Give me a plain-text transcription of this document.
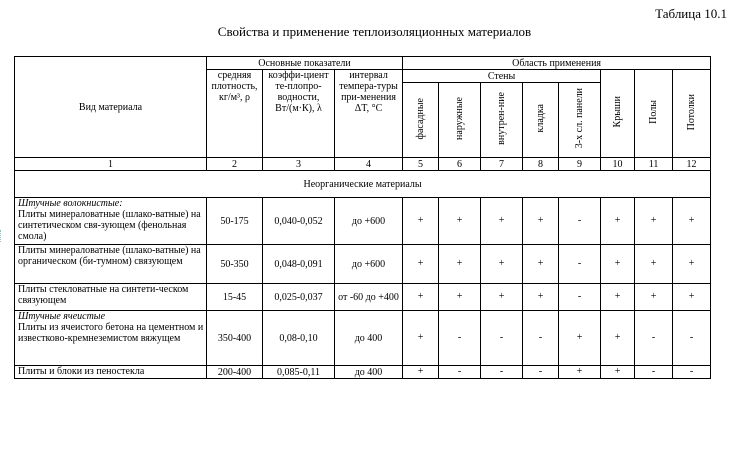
Таблица 10.1
Свойства и применение теплоизоляционных материалов
Вид материала	Основные показатели			Область применения							
	средняя плотность, кг/м³, ρ	коэффи-циент те-плопро-водности, Вт/(м·К), λ	интервал темпера-туры при-менения ΔT, °С	Стены					Крыши	Полы	Потолки
				фасадные	наружные	внутрен-ние	кладка	3-х сл. панели			
1	2	3	4	5	6	7	8	9	10	11	12
Неорганические материалы											

Штучные волокнистые:
Плиты минераловатные (шлако-ватные) на синтетическом свя-зующем (фенольная смола)	50-175	0,040-0,052	до +600	+	+	+	+	-	+	+	+

Плиты минераловатные (шлако-ватные) на органическом (би-тумном) связующем	50-350	0,048-0,091	до +600	+	+	+	+	-	+	+	+

Плиты стекловатные на синтети-ческом связующем	15-45	0,025-0,037	от -60 до +400	+	+	+	+	-	+	+	+

Штучные ячеистые
Плиты из ячеистого бетона на цементном и известково-кремнеземистом вяжущем	350-400	0,08-0,10	до 400	+	-	-	-	+	+	-	-

Плиты и блоки из пеностекла	200-400	0,085-0,11	до 400	+	-	-	-	+	+	-	-
